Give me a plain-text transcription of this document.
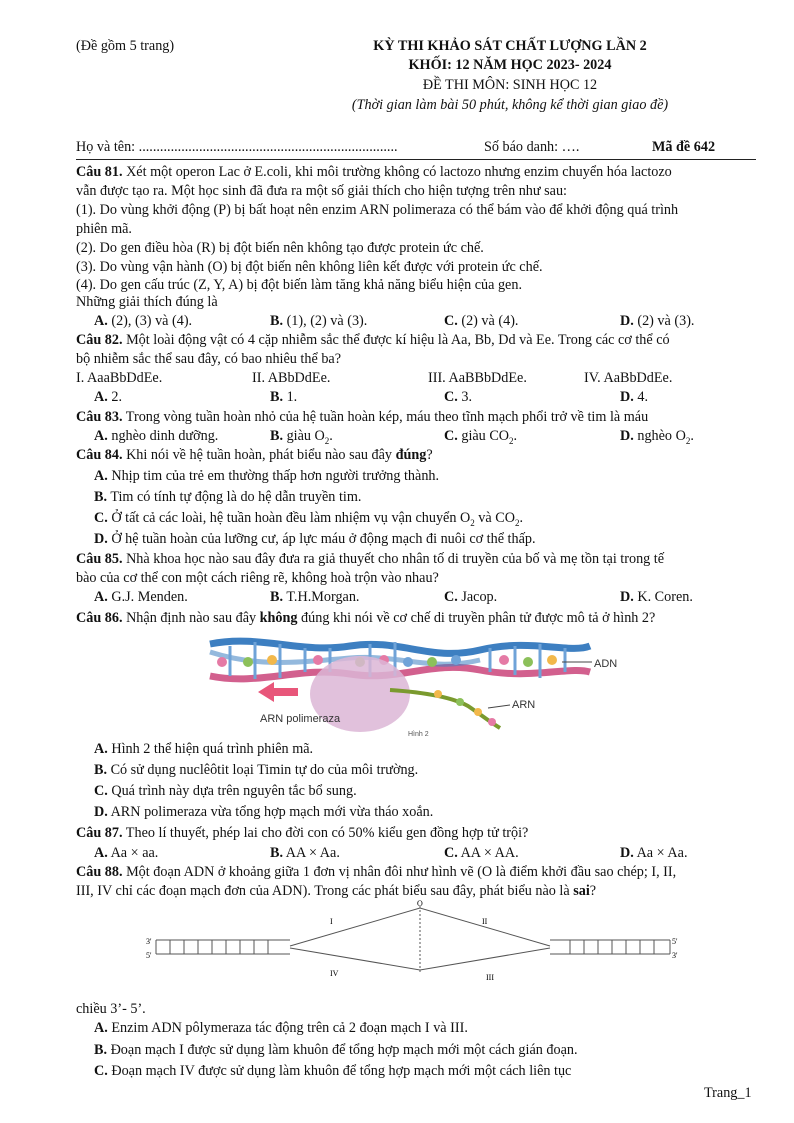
(Đề gồm 5 trang)	KỲ THI KHẢO SÁT CHẤT LƯỢNG LẦN 2
KHỐI: 12 NĂM HỌC 2023- 2024
ĐỀ THI MÔN: SINH HỌC 12
(Thời gian làm bài 50 phút, không kể thời gian giao đề)
Họ và tên: .........................................................................	Số báo danh: ….	Mã đề 642
Câu 81. Xét một operon Lac ở E.coli, khi môi trường không có lactozo nhưng enzim chuyển hóa lactozo
vẫn được tạo ra. Một học sinh đã đưa ra một số giải thích cho hiện tượng trên như sau:
(1). Do vùng khởi động (P) bị bất hoạt nên enzim ARN polimeraza có thể bám vào để khởi động quá trình
phiên mã.
(2). Do gen điều hòa (R) bị đột biến nên không tạo được protein ức chế.
(3). Do vùng vận hành (O) bị đột biến nên không liên kết được với protein ức chế.
(4). Do gen cấu trúc (Z, Y, A) bị đột biến làm tăng khả năng biểu hiện của gen.
Những giải thích đúng là
A. (2), (3) và (4).	B. (1), (2) và (3).	C. (2) và (4).	D. (2) và (3).
Câu 82. Một loài động vật có 4 cặp nhiễm sắc thể được kí hiệu là Aa, Bb, Dd và Ee. Trong các cơ thể có
bộ nhiễm sắc thể sau đây, có bao nhiêu thể ba?
I. AaaBbDdEe.	II. ABbDdEe.	III. AaBBbDdEe.	IV. AaBbDdEe.
A. 2.	B. 1.	C. 3.	D. 4.
Câu 83. Trong vòng tuần hoàn nhỏ của hệ tuần hoàn kép, máu theo tĩnh mạch phổi trở về tim là máu
A. nghèo dinh dưỡng.	B. giàu $O_2$.	C. giàu $CO_2$.	D. nghèo $O_2$.
Câu 84. Khi nói về hệ tuần hoàn, phát biểu nào sau đây đúng?
A. Nhịp tim của trẻ em thường thấp hơn người trưởng thành.
B. Tim có tính tự động là do hệ dẫn truyền tim.
C. Ở tất cả các loài, hệ tuần hoàn đều làm nhiệm vụ vận chuyển $O_2$ và $CO_2$.
D. Ở hệ tuần hoàn của lưỡng cư, áp lực máu ở động mạch đi nuôi cơ thể thấp.
Câu 85. Nhà khoa học nào sau đây đưa ra giả thuyết cho nhân tố di truyền của bố và mẹ tồn tại trong tế
bào của cơ thể con một cách riêng rẽ, không hoà trộn vào nhau?
A. G.J. Menden.	B. T.H.Morgan.	C. Jacop.	D. K. Coren.
Câu 86. Nhận định nào sau đây không đúng khi nói về cơ chế di truyền phân tử được mô tả ở hình 2?
ADN
ARN
ARN polimeraza
Hình 2
A. Hình 2 thể hiện quá trình phiên mã.
B. Có sử dụng nuclêôtit loại Timin tự do của môi trường.
C. Quá trình này dựa trên nguyên tắc bổ sung.
D. ARN polimeraza vừa tổng hợp mạch mới vừa tháo xoắn.
Câu 87. Theo lí thuyết, phép lai cho đời con có 50% kiểu gen đồng hợp tử trội?
A. Aa × aa.	B. AA × Aa.	C. AA × AA.	D. Aa × Aa.
Câu 88. Một đoạn ADN ở khoảng giữa 1 đơn vị nhân đôi như hình vẽ (O là điểm khởi đầu sao chép; I, II,
III, IV chỉ các đoạn mạch đơn của ADN). Trong các phát biểu sau đây, phát biểu nào là sai?
O
I	II
III
IV
3'
5'
5'
3'
chiều 3’- 5’.
A. Enzim ADN pôlymeraza tác động trên cả 2 đoạn mạch I và III.
B. Đoạn mạch I được sử dụng làm khuôn để tổng hợp mạch mới một cách gián đoạn.
C. Đoạn mạch IV được sử dụng làm khuôn để tổng hợp mạch mới một cách liên tục
Trang_1
